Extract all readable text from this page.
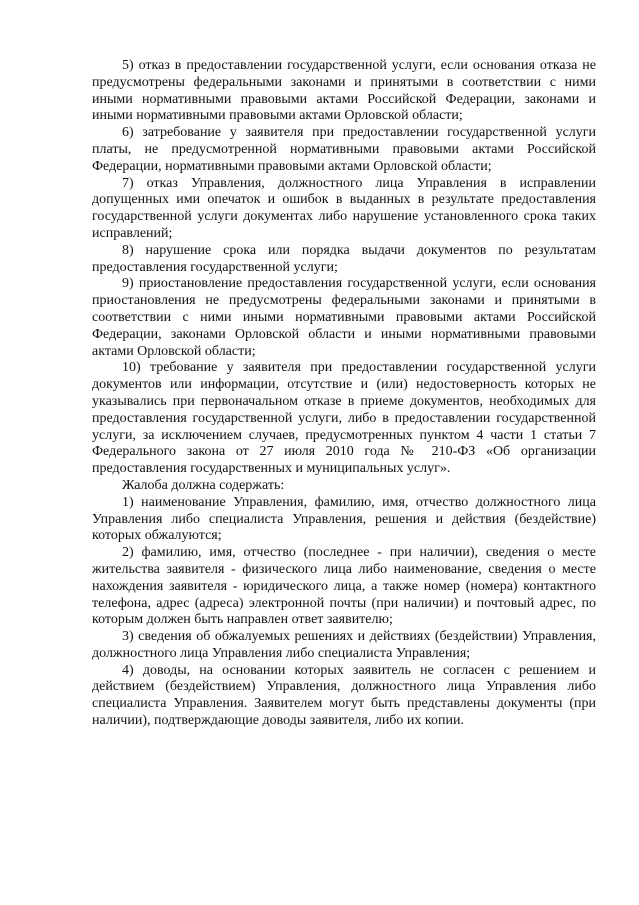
5) отказ в предоставлении государственной услуги, если основания отказа не предусмотрены федеральными законами и принятыми в соответствии с ними иными нормативными правовыми актами Российской Федерации, законами и иными нормативными правовыми актами Орловской области;

6) затребование у заявителя при предоставлении государственной услуги платы, не предусмотренной нормативными правовыми актами Российской Федерации, нормативными правовыми актами Орловской области;

7) отказ Управления, должностного лица Управления в исправлении допущенных ими опечаток и ошибок в выданных в результате предоставления государственной услуги документах либо нарушение установленного срока таких исправлений;

8) нарушение срока или порядка выдачи документов по результатам предоставления государственной услуги;

9) приостановление предоставления государственной услуги, если основания приостановления не предусмотрены федеральными законами и принятыми в соответствии с ними иными нормативными правовыми актами Российской Федерации, законами Орловской области и иными нормативными правовыми актами Орловской области;

10) требование у заявителя при предоставлении государственной услуги документов или информации, отсутствие и (или) недостоверность которых не указывались при первоначальном отказе в приеме документов, необходимых для предоставления государственной услуги, либо в предоставлении государственной услуги, за исключением случаев, предусмотренных пунктом 4 части 1 статьи 7 Федерального закона от 27 июля 2010 года № 210-ФЗ «Об организации предоставления государственных и муниципальных услуг».

Жалоба должна содержать:

1) наименование Управления, фамилию, имя, отчество должностного лица Управления либо специалиста Управления, решения и действия (бездействие) которых обжалуются;

2) фамилию, имя, отчество (последнее - при наличии), сведения о месте жительства заявителя - физического лица либо наименование, сведения о месте нахождения заявителя - юридического лица, а также номер (номера) контактного телефона, адрес (адреса) электронной почты (при наличии) и почтовый адрес, по которым должен быть направлен ответ заявителю;

3) сведения об обжалуемых решениях и действиях (бездействии) Управления, должностного лица Управления либо специалиста Управления;

4) доводы, на основании которых заявитель не согласен с решением и действием (бездействием) Управления, должностного лица Управления либо специалиста Управления. Заявителем могут быть представлены документы (при наличии), подтверждающие доводы заявителя, либо их копии.
